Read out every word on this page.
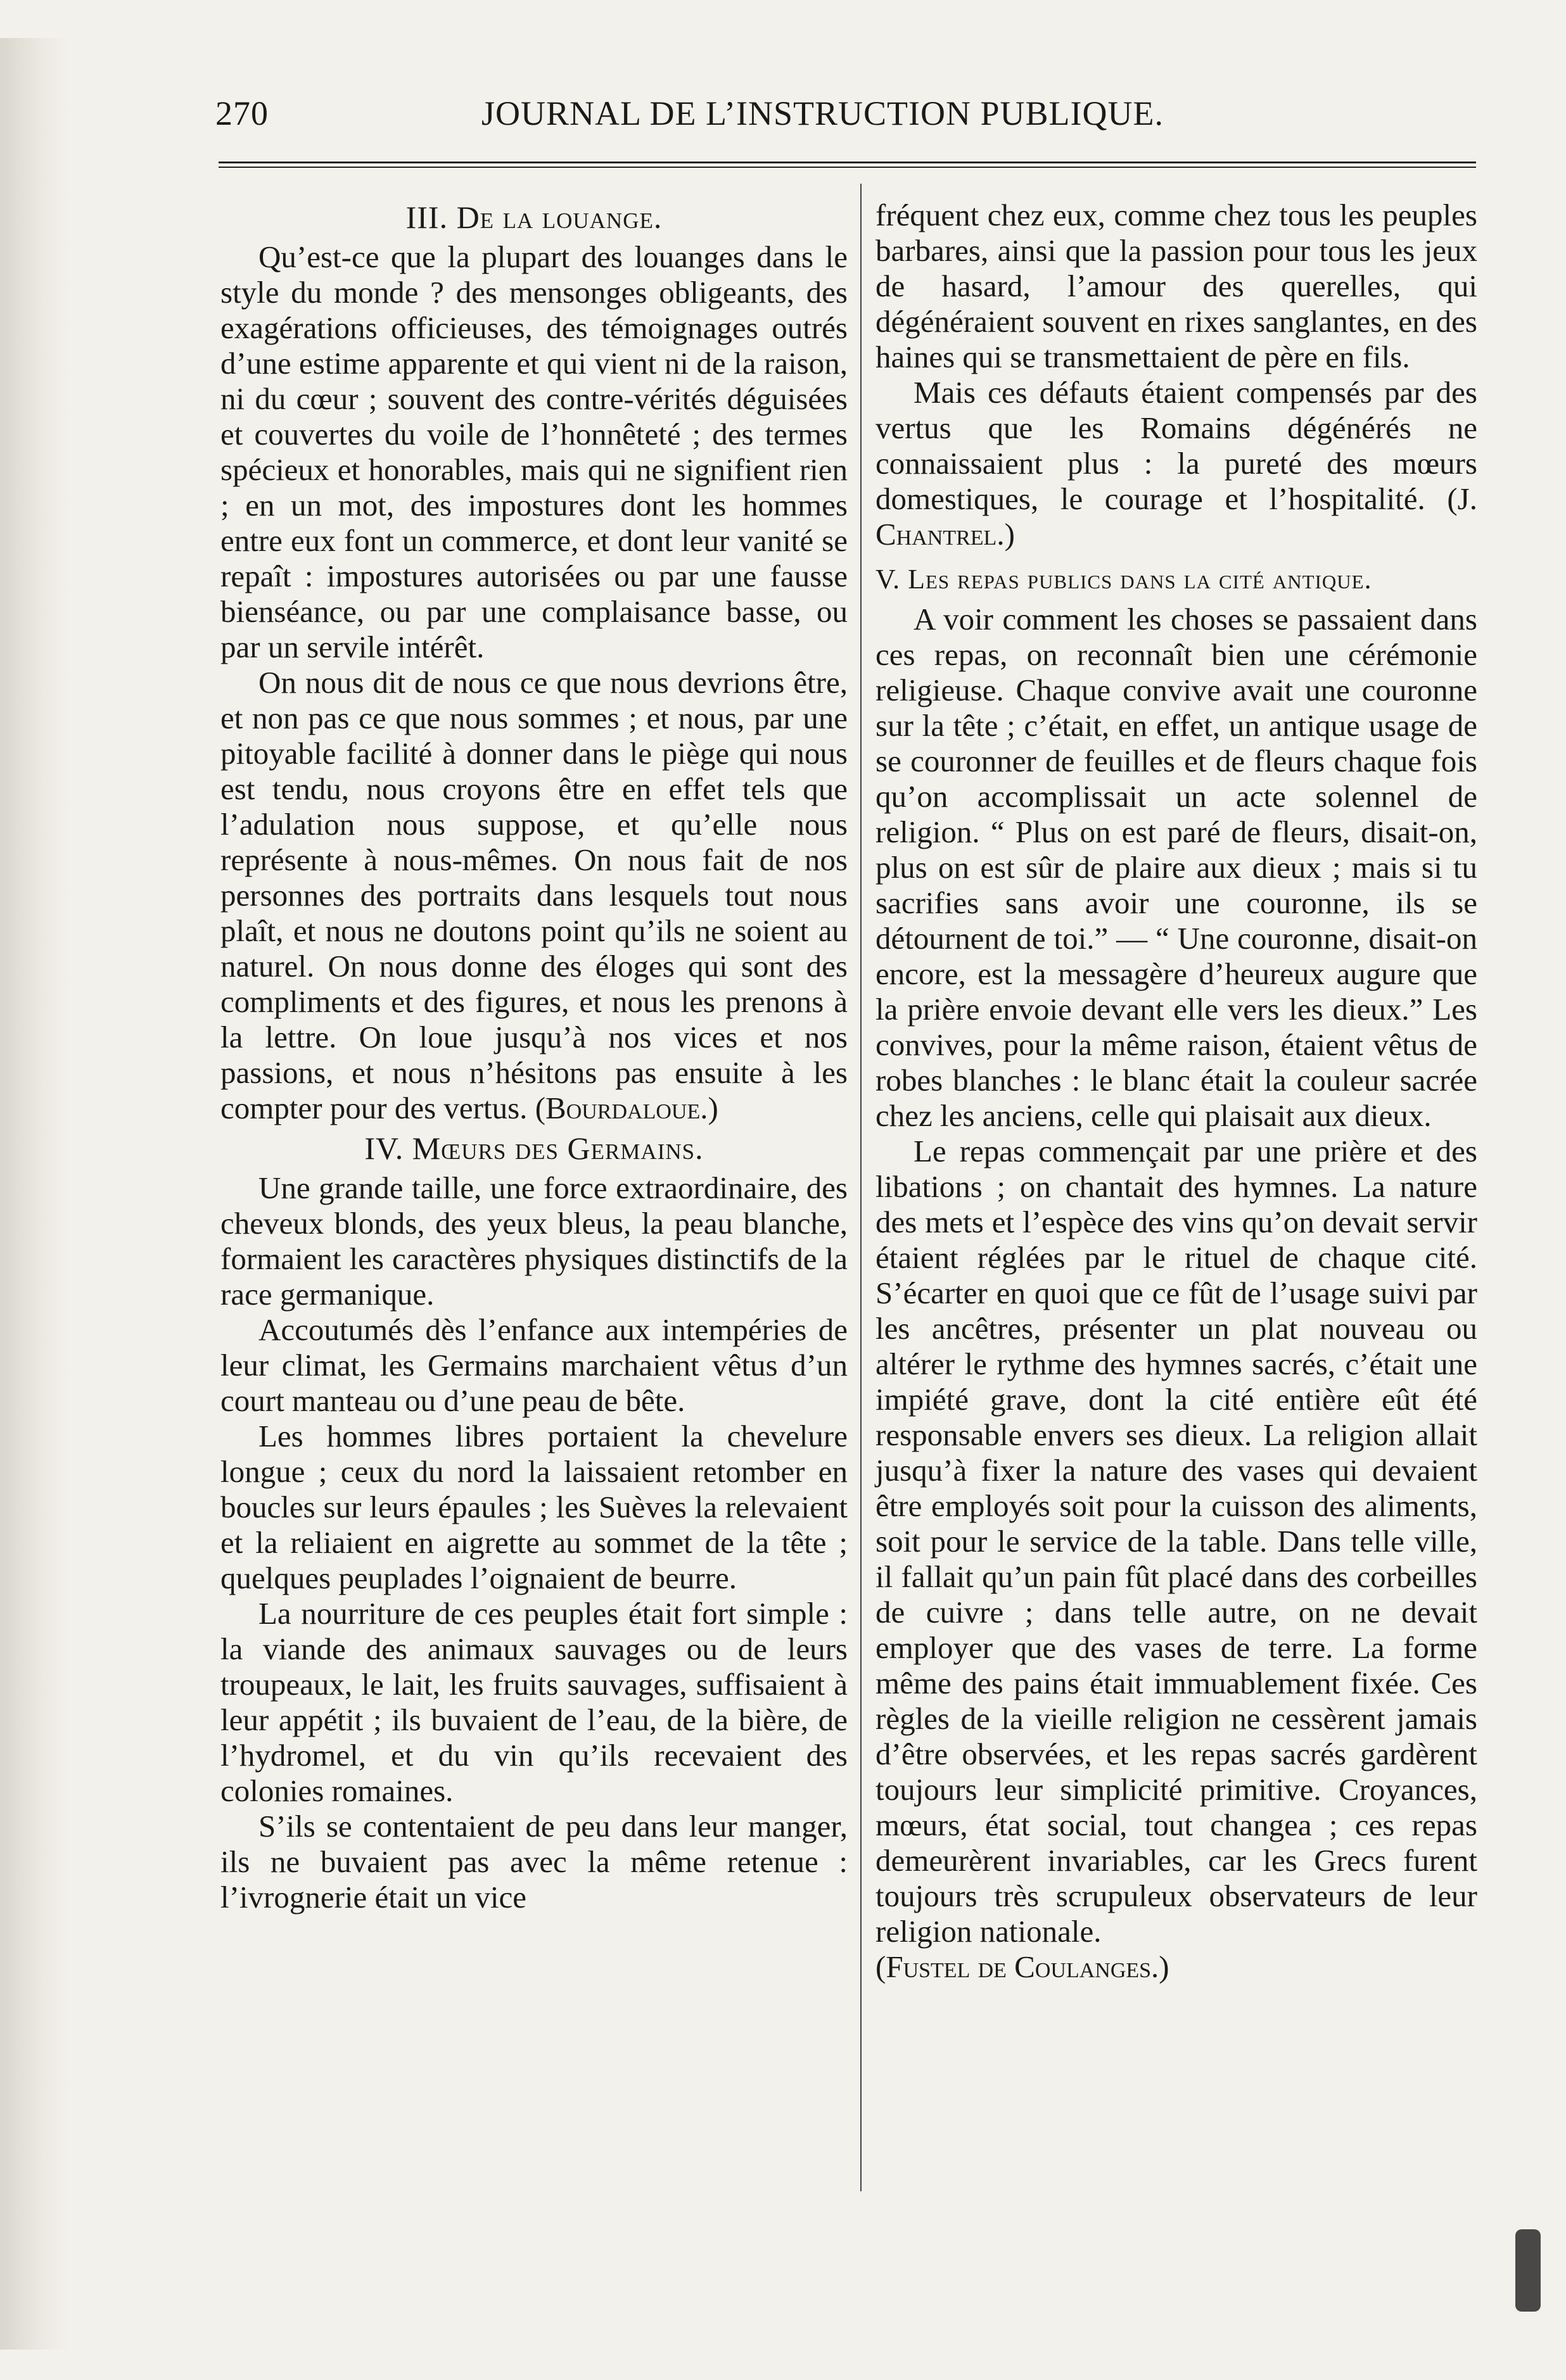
270	JOURNAL DE L’INSTRUCTION PUBLIQUE.
III. De la louange.

Qu’est-ce que la plupart des louanges dans le style du monde ? des mensonges obligeants, des exagérations officieuses, des témoignages outrés d’une estime apparente et qui vient ni de la raison, ni du cœur ; souvent des contre-vérités déguisées et couvertes du voile de l’honnêteté ; des termes spécieux et honorables, mais qui ne signifient rien ; en un mot, des impostures dont les hommes entre eux font un commerce, et dont leur vanité se repaît : impostures autorisées ou par une fausse bienséance, ou par une complaisance basse, ou par un servile intérêt.

On nous dit de nous ce que nous devrions être, et non pas ce que nous sommes ; et nous, par une pitoyable facilité à donner dans le piège qui nous est tendu, nous croyons être en effet tels que l’adulation nous suppose, et qu’elle nous représente à nous-mêmes. On nous fait de nos personnes des portraits dans lesquels tout nous plaît, et nous ne doutons point qu’ils ne soient au naturel. On nous donne des éloges qui sont des compliments et des figures, et nous les prenons à la lettre. On loue jusqu’à nos vices et nos passions, et nous n’hésitons pas ensuite à les compter pour des vertus. (Bourdaloue.)

IV. Mœurs des Germains.

Une grande taille, une force extraordinaire, des cheveux blonds, des yeux bleus, la peau blanche, formaient les caractères physiques distinctifs de la race germanique.

Accoutumés dès l’enfance aux intempéries de leur climat, les Germains marchaient vêtus d’un court manteau ou d’une peau de bête.

Les hommes libres portaient la chevelure longue ; ceux du nord la laissaient retomber en boucles sur leurs épaules ; les Suèves la relevaient et la reliaient en aigrette au sommet de la tête ; quelques peuplades l’oignaient de beurre.

La nourriture de ces peuples était fort simple : la viande des animaux sauvages ou de leurs troupeaux, le lait, les fruits sauvages, suffisaient à leur appétit ; ils buvaient de l’eau, de la bière, de l’hydromel, et du vin qu’ils recevaient des colonies romaines.

S’ils se contentaient de peu dans leur manger, ils ne buvaient pas avec la même retenue : l’ivrognerie était un vice

fréquent chez eux, comme chez tous les peuples barbares, ainsi que la passion pour tous les jeux de hasard, l’amour des querelles, qui dégénéraient souvent en rixes sanglantes, en des haines qui se transmettaient de père en fils.

Mais ces défauts étaient compensés par des vertus que les Romains dégénérés ne connaissaient plus : la pureté des mœurs domestiques, le courage et l’hospitalité. (J. Chantrel.)

V. Les repas publics dans la cité antique.

A voir comment les choses se passaient dans ces repas, on reconnaît bien une cérémonie religieuse. Chaque convive avait une couronne sur la tête ; c’était, en effet, un antique usage de se couronner de feuilles et de fleurs chaque fois qu’on accomplissait un acte solennel de religion. “ Plus on est paré de fleurs, disait-on, plus on est sûr de plaire aux dieux ; mais si tu sacrifies sans avoir une couronne, ils se détournent de toi.” — “ Une couronne, disait-on encore, est la messagère d’heureux augure que la prière envoie devant elle vers les dieux.” Les convives, pour la même raison, étaient vêtus de robes blanches : le blanc était la couleur sacrée chez les anciens, celle qui plaisait aux dieux.

Le repas commençait par une prière et des libations ; on chantait des hymnes. La nature des mets et l’espèce des vins qu’on devait servir étaient réglées par le rituel de chaque cité. S’écarter en quoi que ce fût de l’usage suivi par les ancêtres, présenter un plat nouveau ou altérer le rythme des hymnes sacrés, c’était une impiété grave, dont la cité entière eût été responsable envers ses dieux. La religion allait jusqu’à fixer la nature des vases qui devaient être employés soit pour la cuisson des aliments, soit pour le service de la table. Dans telle ville, il fallait qu’un pain fût placé dans des corbeilles de cuivre ; dans telle autre, on ne devait employer que des vases de terre. La forme même des pains était immuablement fixée. Ces règles de la vieille religion ne cessèrent jamais d’être observées, et les repas sacrés gardèrent toujours leur simplicité primitive. Croyances, mœurs, état social, tout changea ; ces repas demeurèrent invariables, car les Grecs furent toujours très scrupuleux observateurs de leur religion nationale.

(Fustel de Coulanges.)
